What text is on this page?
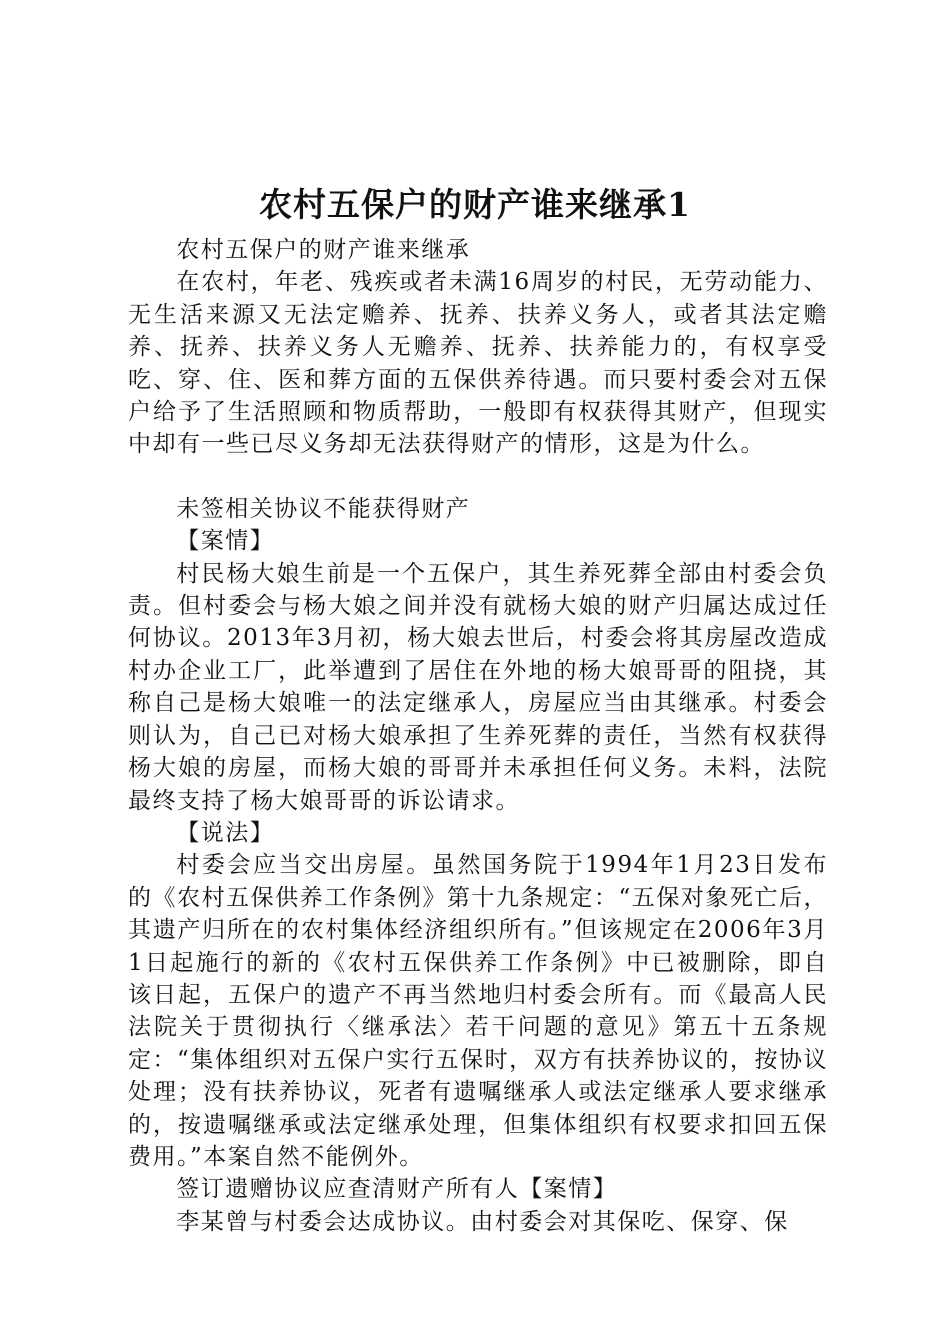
农村五保户的财产谁来继承1

农村五保户的财产谁来继承

在农村，年老、残疾或者未满16周岁的村民，无劳动能力、无生活来源又无法定赡养、抚养、扶养义务人，或者其法定赡养、抚养、扶养义务人无赡养、抚养、扶养能力的，有权享受吃、穿、住、医和葬方面的五保供养待遇。而只要村委会对五保户给予了生活照顾和物质帮助，一般即有权获得其财产，但现实中却有一些已尽义务却无法获得财产的情形，这是为什么。

未签相关协议不能获得财产

【案情】

村民杨大娘生前是一个五保户，其生养死葬全部由村委会负责。但村委会与杨大娘之间并没有就杨大娘的财产归属达成过任何协议。2013年3月初，杨大娘去世后，村委会将其房屋改造成村办企业工厂，此举遭到了居住在外地的杨大娘哥哥的阻挠，其称自己是杨大娘唯一的法定继承人，房屋应当由其继承。村委会则认为，自己已对杨大娘承担了生养死葬的责任，当然有权获得杨大娘的房屋，而杨大娘的哥哥并未承担任何义务。未料，法院最终支持了杨大娘哥哥的诉讼请求。

【说法】

村委会应当交出房屋。虽然国务院于1994年1月23日发布的《农村五保供养工作条例》第十九条规定：“五保对象死亡后，其遗产归所在的农村集体经济组织所有。”但该规定在2006年3月1日起施行的新的《农村五保供养工作条例》中已被删除，即自该日起，五保户的遗产不再当然地归村委会所有。而《最高人民法院关于贯彻执行〈继承法〉若干问题的意见》第五十五条规定：“集体组织对五保户实行五保时，双方有扶养协议的，按协议处理；没有扶养协议，死者有遗嘱继承人或法定继承人要求继承的，按遗嘱继承或法定继承处理，但集体组织有权要求扣回五保费用。”本案自然不能例外。

签订遗赠协议应查清财产所有人【案情】

李某曾与村委会达成协议。由村委会对其保吃、保穿、保
